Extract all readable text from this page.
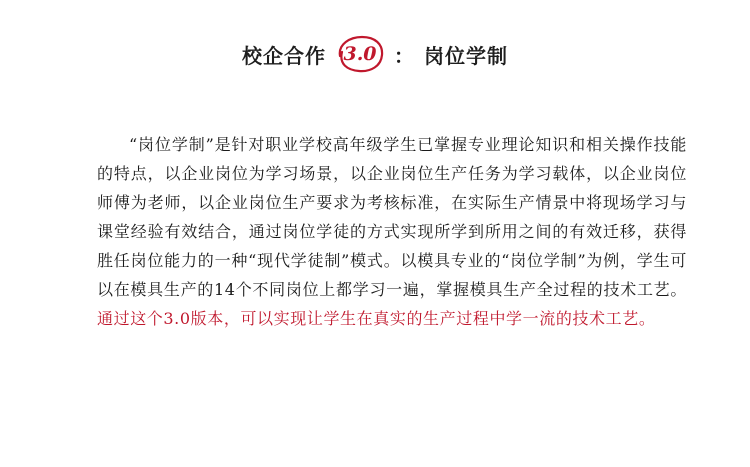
校企合作 3.0 ： 岗位学制

“岗位学制”是针对职业学校高年级学生已掌握专业理论知识和相关操作技能的特点，以企业岗位为学习场景，以企业岗位生产任务为学习载体，以企业岗位师傅为老师，以企业岗位生产要求为考核标准，在实际生产情景中将现场学习与课堂经验有效结合，通过岗位学徒的方式实现所学到所用之间的有效迁移，获得胜任岗位能力的一种“现代学徒制”模式。以模具专业的“岗位学制”为例，学生可以在模具生产的14个不同岗位上都学习一遍，掌握模具生产全过程的技术工艺。通过这个3.0版本，可以实现让学生在真实的生产过程中学一流的技术工艺。
